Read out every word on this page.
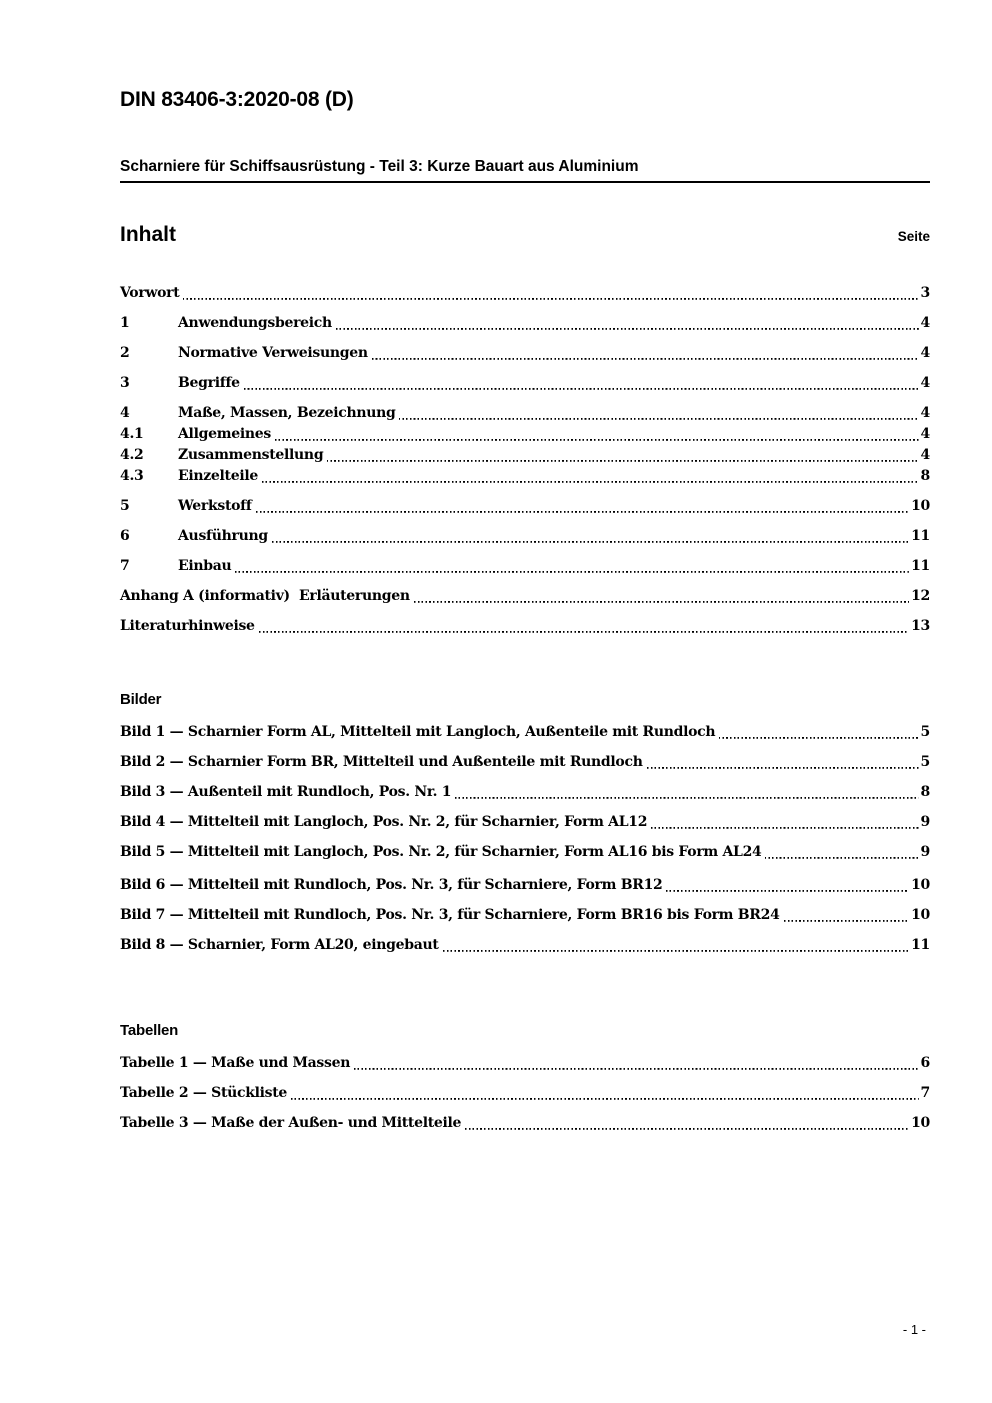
DIN 83406-3:2020-08 (D)
Scharniere für Schiffsausrüstung - Teil 3: Kurze Bauart aus Aluminium
Inhalt	Seite
Vorwort	3
1	Anwendungsbereich	4
2	Normative Verweisungen	4
3	Begriffe	4
4	Maße, Massen, Bezeichnung	4
4.1	Allgemeines	4
4.2	Zusammenstellung	4
4.3	Einzelteile	8
5	Werkstoff	10
6	Ausführung	11
7	Einbau	11
Anhang A (informativ)  Erläuterungen	12
Literaturhinweise	13
Bilder
Bild 1 — Scharnier Form AL, Mittelteil mit Langloch, Außenteile mit Rundloch	5
Bild 2 — Scharnier Form BR, Mittelteil und Außenteile mit Rundloch	5
Bild 3 — Außenteil mit Rundloch, Pos. Nr. 1	8
Bild 4 — Mittelteil mit Langloch, Pos. Nr. 2, für Scharnier, Form AL12	9
Bild 5 — Mittelteil mit Langloch, Pos. Nr. 2, für Scharnier, Form AL16 bis Form AL24	9
Bild 6 — Mittelteil mit Rundloch, Pos. Nr. 3, für Scharniere, Form BR12	10
Bild 7 — Mittelteil mit Rundloch, Pos. Nr. 3, für Scharniere, Form BR16 bis Form BR24	10
Bild 8 — Scharnier, Form AL20, eingebaut	11
Tabellen
Tabelle 1 — Maße und Massen	6
Tabelle 2 — Stückliste	7
Tabelle 3 — Maße der Außen- und Mittelteile	10
- 1 -
